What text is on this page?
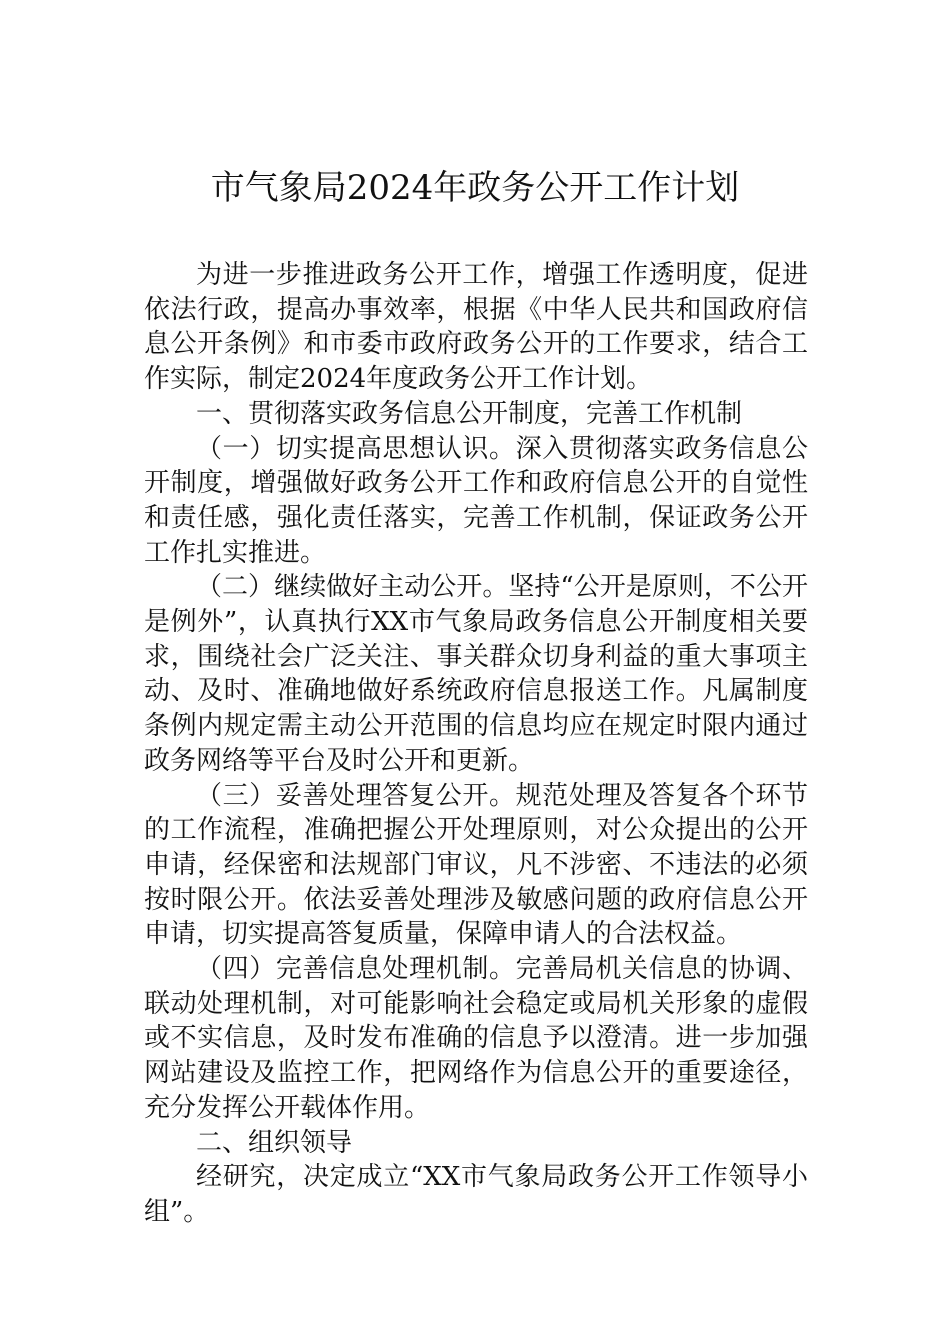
市气象局2024年政务公开工作计划

为进一步推进政务公开工作，增强工作透明度，促进依法行政，提高办事效率，根据《中华人民共和国政府信息公开条例》和市委市政府政务公开的工作要求，结合工作实际，制定2024年度政务公开工作计划。

一、贯彻落实政务信息公开制度，完善工作机制

（一）切实提高思想认识。深入贯彻落实政务信息公开制度，增强做好政务公开工作和政府信息公开的自觉性和责任感，强化责任落实，完善工作机制，保证政务公开工作扎实推进。

（二）继续做好主动公开。坚持“公开是原则，不公开是例外”，认真执行XX市气象局政务信息公开制度相关要求，围绕社会广泛关注、事关群众切身利益的重大事项主动、及时、准确地做好系统政府信息报送工作。凡属制度条例内规定需主动公开范围的信息均应在规定时限内通过政务网络等平台及时公开和更新。

（三）妥善处理答复公开。规范处理及答复各个环节的工作流程，准确把握公开处理原则，对公众提出的公开申请，经保密和法规部门审议，凡不涉密、不违法的必须按时限公开。依法妥善处理涉及敏感问题的政府信息公开申请，切实提高答复质量，保障申请人的合法权益。

（四）完善信息处理机制。完善局机关信息的协调、联动处理机制，对可能影响社会稳定或局机关形象的虚假或不实信息，及时发布准确的信息予以澄清。进一步加强网站建设及监控工作，把网络作为信息公开的重要途径，充分发挥公开载体作用。

二、组织领导

经研究，决定成立“XX市气象局政务公开工作领导小组”。
